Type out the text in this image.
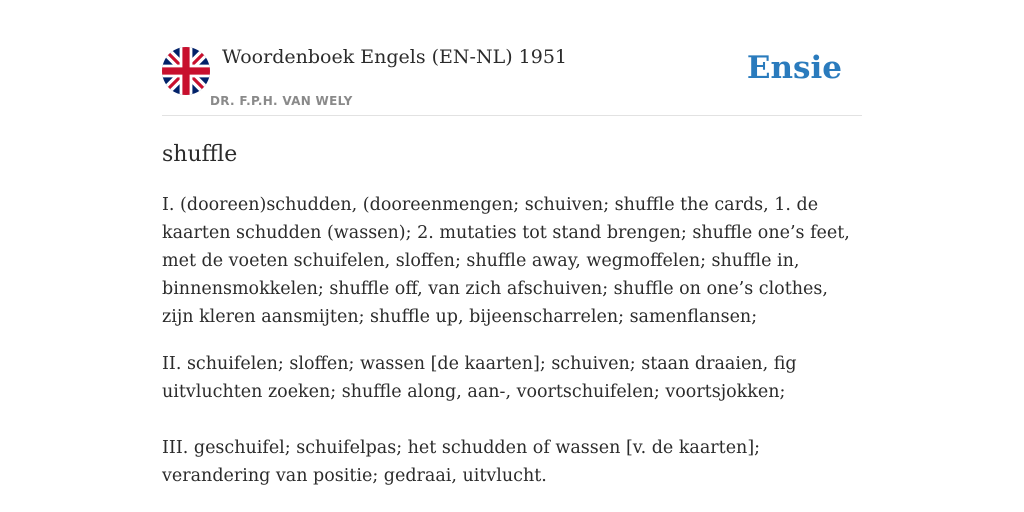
Woordenboek Engels (EN-NL) 1951
DR. F.P.H. VAN WELY
Ensie
shuffle

I. (dooreen)schudden, (dooreenmengen; schuiven; shuffle the cards, 1. de kaarten schudden (wassen); 2. mutaties tot stand brengen; shuffle one’s feet, met de voeten schuifelen, sloffen; shuffle away, wegmoffelen; shuffle in, binnensmokkelen; shuffle off, van zich afschuiven; shuffle on one’s clothes, zijn kleren aansmijten; shuffle up, bijeenscharrelen; samenflansen;

II. schuifelen; sloffen; wassen [de kaarten]; schuiven; staan draaien, fig uitvluchten zoeken; shuffle along, aan-, voortschuifelen; voortsjokken;

III. geschuifel; schuifelpas; het schudden of wassen [v. de kaarten]; verandering van positie; gedraai, uitvlucht.
